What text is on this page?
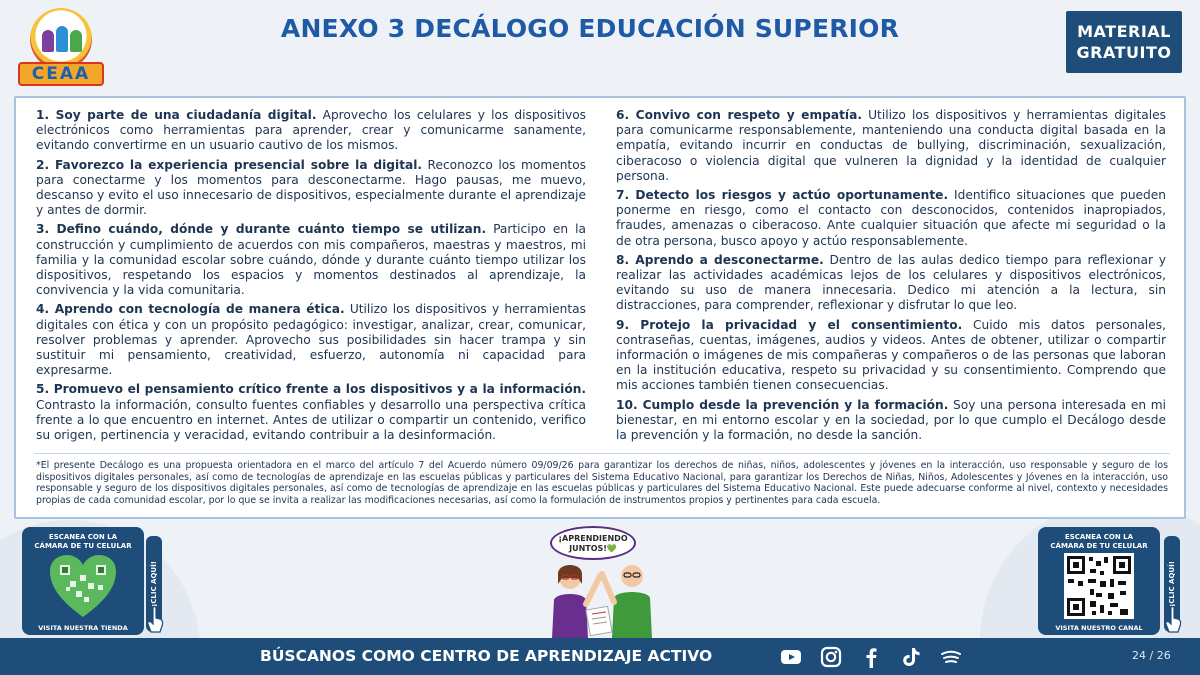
CEAA
ANEXO 3 DECÁLOGO EDUCACIÓN SUPERIOR	MATERIAL
GRATUITO

1. Soy parte de una ciudadanía digital. Aprovecho los celulares y los dispositivos electrónicos como herramientas para aprender, crear y comunicarme sanamente, evitando convertirme en un usuario cautivo de los mismos.

2. Favorezco la experiencia presencial sobre la digital. Reconozco los momentos para conectarme y los momentos para desconectarme. Hago pausas, me muevo, descanso y evito el uso innecesario de dispositivos, especialmente durante el aprendizaje y antes de dormir.

3. Defino cuándo, dónde y durante cuánto tiempo se utilizan. Participo en la construcción y cumplimiento de acuerdos con mis compañeros, maestras y maestros, mi familia y la comunidad escolar sobre cuándo, dónde y durante cuánto tiempo utilizar los dispositivos, respetando los espacios y momentos destinados al aprendizaje, la convivencia y la vida comunitaria.

4. Aprendo con tecnología de manera ética. Utilizo los dispositivos y herramientas digitales con ética y con un propósito pedagógico: investigar, analizar, crear, comunicar, resolver problemas y aprender. Aprovecho sus posibilidades sin hacer trampa y sin sustituir mi pensamiento, creatividad, esfuerzo, autonomía ni capacidad para expresarme.

5. Promuevo el pensamiento crítico frente a los dispositivos y a la información. Contrasto la información, consulto fuentes confiables y desarrollo una perspectiva crítica frente a lo que encuentro en internet. Antes de utilizar o compartir un contenido, verifico su origen, pertinencia y veracidad, evitando contribuir a la desinformación.

6. Convivo con respeto y empatía. Utilizo los dispositivos y herramientas digitales para comunicarme responsablemente, manteniendo una conducta digital basada en la empatía, evitando incurrir en conductas de bullying, discriminación, sexualización, ciberacoso o violencia digital que vulneren la dignidad y la identidad de cualquier persona.

7. Detecto los riesgos y actúo oportunamente. Identifico situaciones que pueden ponerme en riesgo, como el contacto con desconocidos, contenidos inapropiados, fraudes, amenazas o ciberacoso. Ante cualquier situación que afecte mi seguridad o la de otra persona, busco apoyo y actúo responsablemente.

8. Aprendo a desconectarme. Dentro de las aulas dedico tiempo para reflexionar y realizar las actividades académicas lejos de los celulares y dispositivos electrónicos, evitando su uso de manera innecesaria. Dedico mi atención a la lectura, sin distracciones, para comprender, reflexionar y disfrutar lo que leo.

9. Protejo la privacidad y el consentimiento. Cuido mis datos personales, contraseñas, cuentas, imágenes, audios y videos. Antes de obtener, utilizar o compartir información o imágenes de mis compañeras y compañeros o de las personas que laboran en la institución educativa, respeto su privacidad y su consentimiento. Comprendo que mis acciones también tienen consecuencias.

10. Cumplo desde la prevención y la formación. Soy una persona interesada en mi bienestar, en mi entorno escolar y en la sociedad, por lo que cumplo el Decálogo desde la prevención y la formación, no desde la sanción.

*El presente Decálogo es una propuesta orientadora en el marco del artículo 7 del Acuerdo número 09/09/26 para garantizar los derechos de niñas, niños, adolescentes y jóvenes en la interacción, uso responsable y seguro de los dispositivos digitales personales, así como de tecnologías de aprendizaje en las escuelas públicas y particulares del Sistema Educativo Nacional, para garantizar los Derechos de Niñas, Niños, Adolescentes y Jóvenes en la interacción, uso responsable y seguro de los dispositivos digitales personales, así como de tecnologías de aprendizaje en las escuelas públicas y particulares del Sistema Educativo Nacional. Este puede adecuarse conforme al nivel, contexto y necesidades propias de cada comunidad escolar, por lo que se invita a realizar las modificaciones necesarias, así como la formulación de instrumentos propios y pertinentes para cada escuela.
ESCANEA CON LA
CÁMARA DE TU CELULAR
VISITA NUESTRA TIENDA
¡CLIC AQUÍ!
¡APRENDIENDO
JUNTOS!💚
ESCANEA CON LA
CÁMARA DE TU CELULAR
VISITA NUESTRO CANAL
¡CLIC AQUÍ!
BÚSCANOS COMO CENTRO DE APRENDIZAJE ACTIVO	24 / 26
